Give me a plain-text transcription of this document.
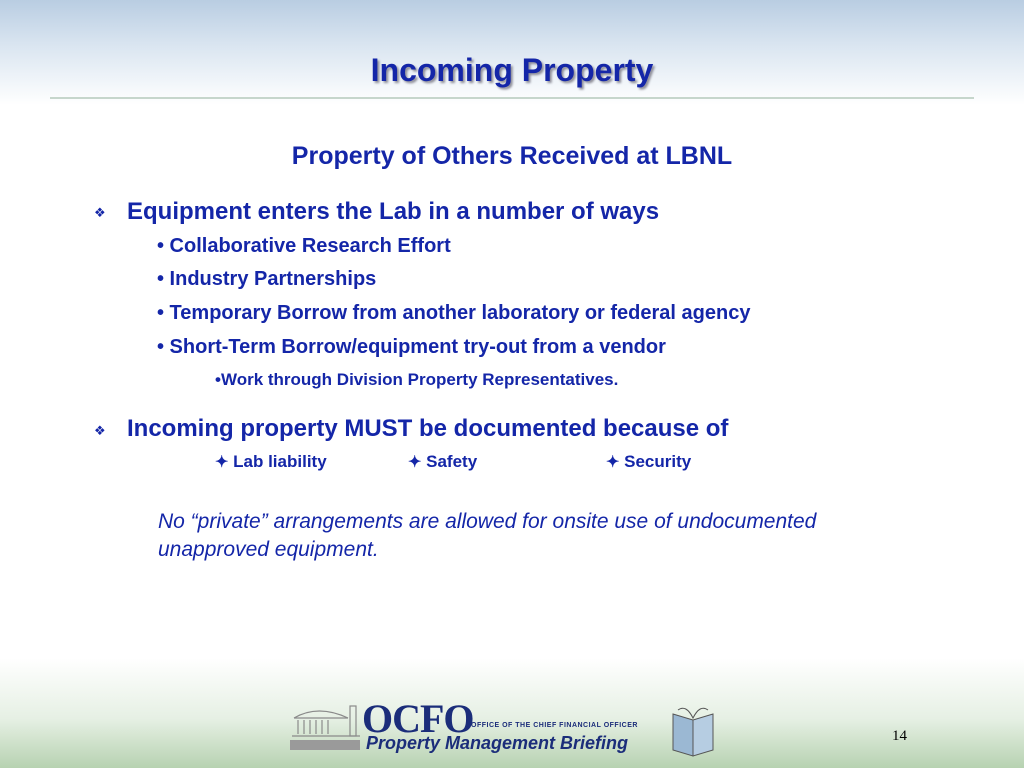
Incoming Property
Property of Others Received at LBNL
❖ Equipment enters the Lab in a number of ways
• Collaborative Research Effort
• Industry Partnerships
• Temporary Borrow from another laboratory or federal agency
• Short-Term Borrow/equipment try-out from a vendor
•Work through Division Property Representatives.
❖ Incoming property MUST be documented because of
✦ Lab liability	✦ Safety	✦ Security
No “private” arrangements are allowed for onsite use of undocumented unapproved equipment.
OCFO
OFFICE OF THE CHIEF FINANCIAL OFFICER
Property Management Briefing	14
